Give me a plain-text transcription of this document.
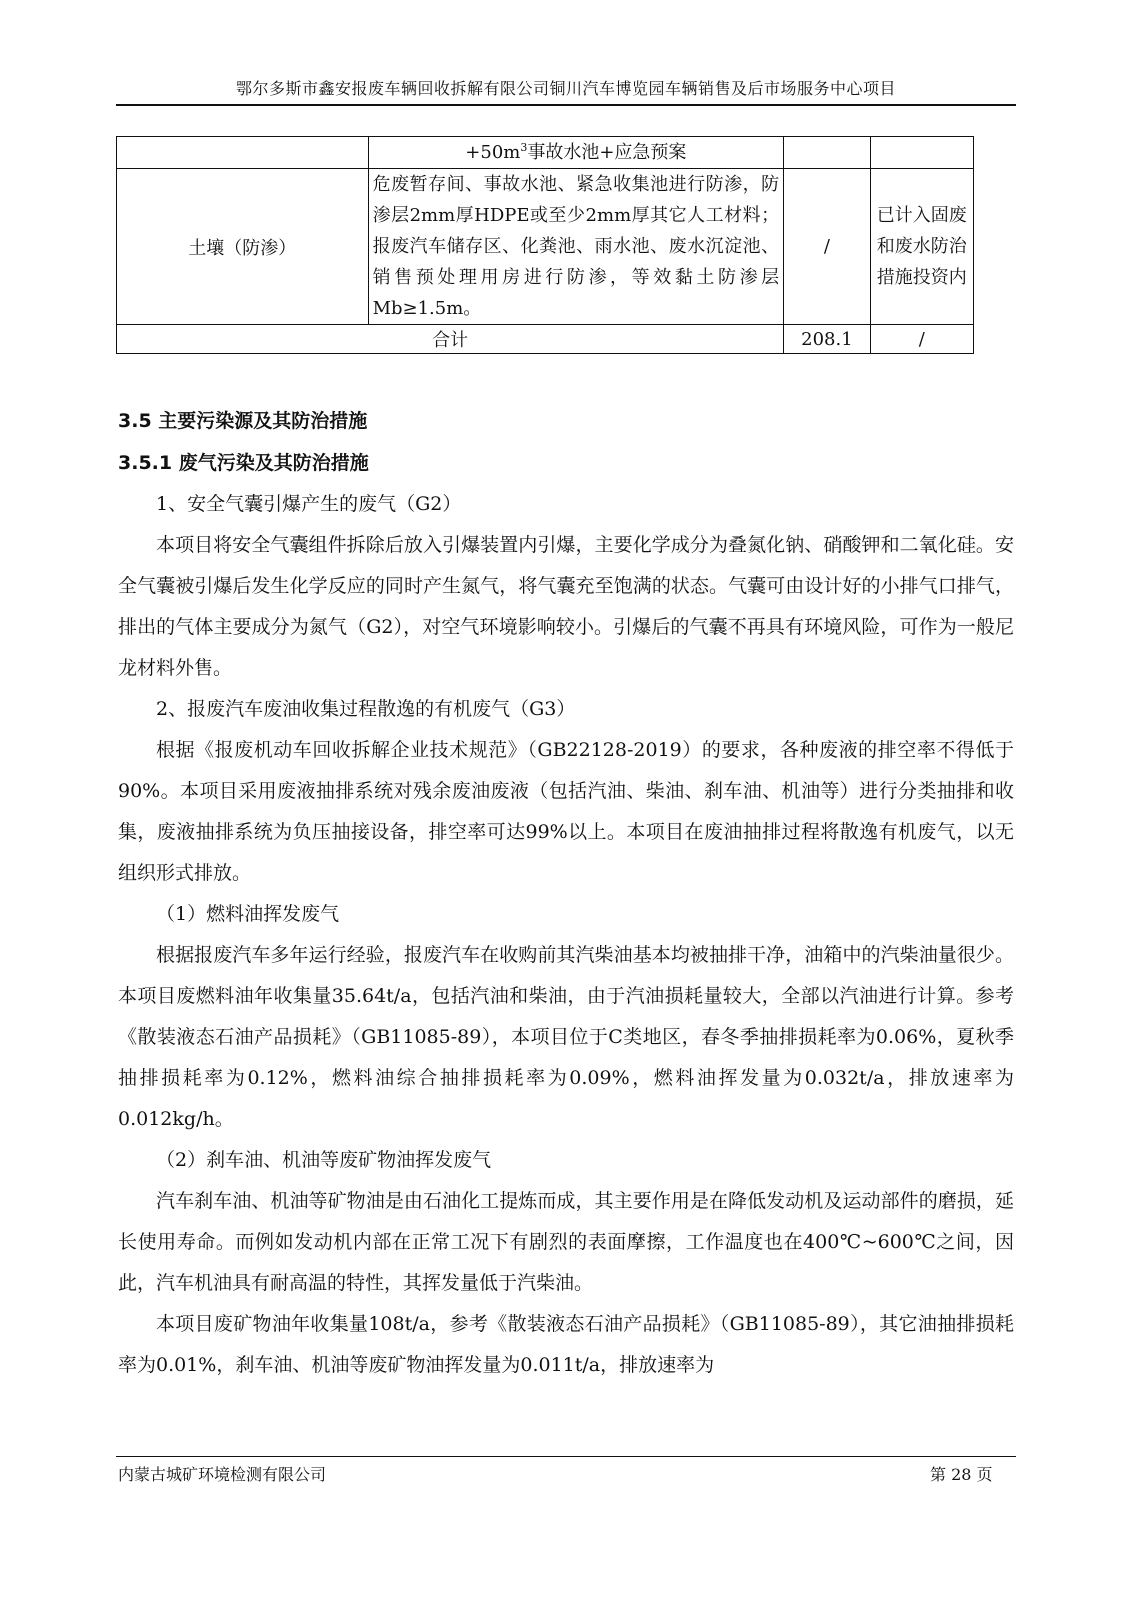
鄂尔多斯市鑫安报废车辆回收拆解有限公司铜川汽车博览园车辆销售及后市场服务中心项目

	$+50m^3$事故水池+应急预案		

土壤（防渗）	危废暂存间、事故水池、紧急收集池进行防渗，防渗层2mm厚HDPE或至少2mm厚其它人工材料；报废汽车储存区、化粪池、雨水池、废水沉淀池、销售预处理用房进行防渗，等效黏土防渗层Mb≥1.5m。	/	已计入固废和废水防治措施投资内

合计		208.1	/
3.5 主要污染源及其防治措施
3.5.1 废气污染及其防治措施

1、安全气囊引爆产生的废气（G2）

本项目将安全气囊组件拆除后放入引爆装置内引爆，主要化学成分为叠氮化钠、硝酸钾和二氧化硅。安全气囊被引爆后发生化学反应的同时产生氮气，将气囊充至饱满的状态。气囊可由设计好的小排气口排气，排出的气体主要成分为氮气（G2），对空气环境影响较小。引爆后的气囊不再具有环境风险，可作为一般尼龙材料外售。

2、报废汽车废油收集过程散逸的有机废气（G3）

根据《报废机动车回收拆解企业技术规范》（GB22128-2019）的要求，各种废液的排空率不得低于90%。本项目采用废液抽排系统对残余废油废液（包括汽油、柴油、刹车油、机油等）进行分类抽排和收集，废液抽排系统为负压抽接设备，排空率可达99%以上。本项目在废油抽排过程将散逸有机废气，以无组织形式排放。

（1）燃料油挥发废气

根据报废汽车多年运行经验，报废汽车在收购前其汽柴油基本均被抽排干净，油箱中的汽柴油量很少。本项目废燃料油年收集量35.64t/a，包括汽油和柴油，由于汽油损耗量较大，全部以汽油进行计算。参考《散装液态石油产品损耗》（GB11085-89），本项目位于C类地区，春冬季抽排损耗率为0.06%，夏秋季抽排损耗率为0.12%，燃料油综合抽排损耗率为0.09%，燃料油挥发量为0.032t/a，排放速率为0.012kg/h。

（2）刹车油、机油等废矿物油挥发废气

汽车刹车油、机油等矿物油是由石油化工提炼而成，其主要作用是在降低发动机及运动部件的磨损，延长使用寿命。而例如发动机内部在正常工况下有剧烈的表面摩擦，工作温度也在400℃~600℃之间，因此，汽车机油具有耐高温的特性，其挥发量低于汽柴油。

本项目废矿物油年收集量108t/a，参考《散装液态石油产品损耗》（GB11085-89），其它油抽排损耗率为0.01%，刹车油、机油等废矿物油挥发量为0.011t/a，排放速率为

内蒙古城矿环境检测有限公司	第 28 页
